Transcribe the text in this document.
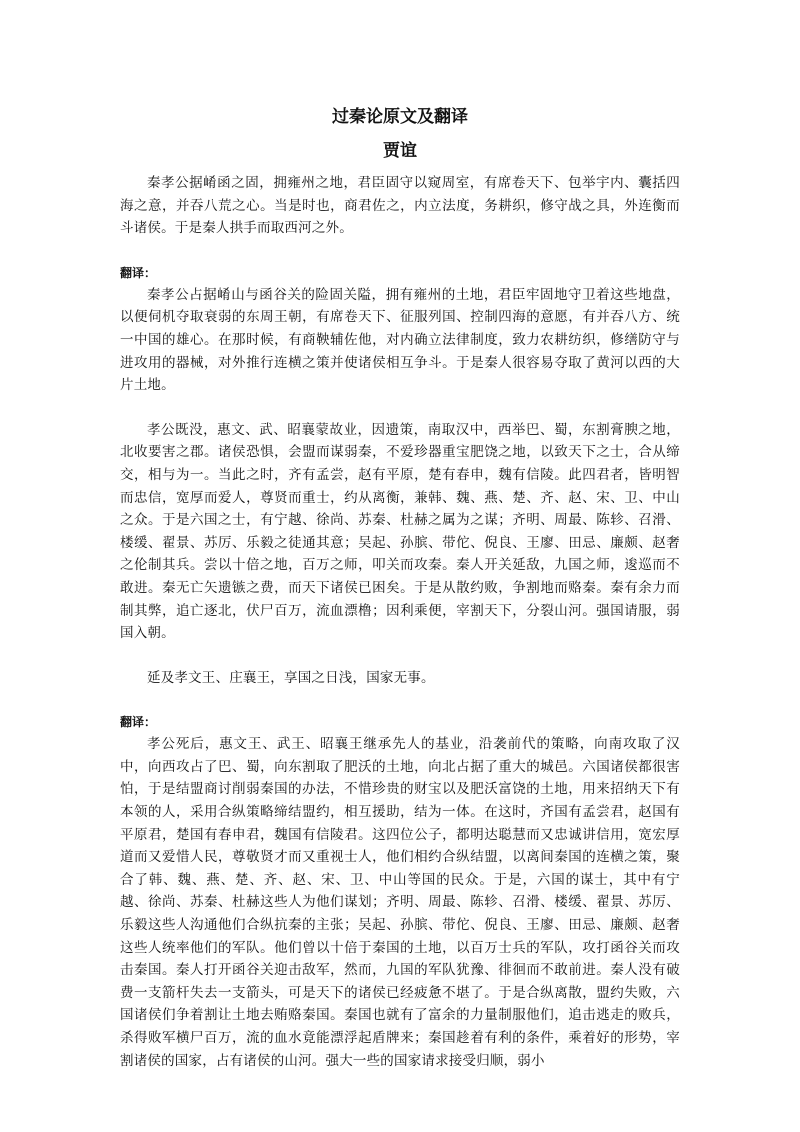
过秦论原文及翻译
贾谊

秦孝公据崤函之固，拥雍州之地，君臣固守以窥周室，有席卷天下、包举宇内、囊括四海之意，并吞八荒之心。当是时也，商君佐之，内立法度，务耕织，修守战之具，外连衡而斗诸侯。于是秦人拱手而取西河之外。

翻译：

秦孝公占据崤山与函谷关的险固关隘，拥有雍州的土地，君臣牢固地守卫着这些地盘，以便伺机夺取衰弱的东周王朝，有席卷天下、征服列国、控制四海的意愿，有并吞八方、统一中国的雄心。在那时候，有商鞅辅佐他，对内确立法律制度，致力农耕纺织，修缮防守与进攻用的器械，对外推行连横之策并使诸侯相互争斗。于是秦人很容易夺取了黄河以西的大片土地。

孝公既没，惠文、武、昭襄蒙故业，因遗策，南取汉中，西举巴、蜀，东割膏腴之地，北收要害之郡。诸侯恐惧，会盟而谋弱秦，不爱珍器重宝肥饶之地，以致天下之士，合从缔交，相与为一。当此之时，齐有孟尝，赵有平原，楚有春申，魏有信陵。此四君者，皆明智而忠信，宽厚而爱人，尊贤而重士，约从离衡，兼韩、魏、燕、楚、齐、赵、宋、卫、中山之众。于是六国之士，有宁越、徐尚、苏秦、杜赫之属为之谋；齐明、周最、陈轸、召滑、楼缓、翟景、苏厉、乐毅之徒通其意；吴起、孙膑、带佗、倪良、王廖、田忌、廉颇、赵奢之伦制其兵。尝以十倍之地，百万之师，叩关而攻秦。秦人开关延敌，九国之师，逡巡而不敢进。秦无亡矢遗镞之费，而天下诸侯已困矣。于是从散约败，争割地而赂秦。秦有余力而制其弊，追亡逐北，伏尸百万，流血漂橹；因利乘便，宰割天下，分裂山河。强国请服，弱国入朝。

延及孝文王、庄襄王，享国之日浅，国家无事。

翻译：

孝公死后，惠文王、武王、昭襄王继承先人的基业，沿袭前代的策略，向南攻取了汉中，向西攻占了巴、蜀，向东割取了肥沃的土地，向北占据了重大的城邑。六国诸侯都很害怕，于是结盟商讨削弱秦国的办法，不惜珍贵的财宝以及肥沃富饶的土地，用来招纳天下有本领的人，采用合纵策略缔结盟约，相互援助，结为一体。在这时，齐国有孟尝君，赵国有平原君，楚国有春申君，魏国有信陵君。这四位公子，都明达聪慧而又忠诚讲信用，宽宏厚道而又爱惜人民，尊敬贤才而又重视士人，他们相约合纵结盟，以离间秦国的连横之策，聚合了韩、魏、燕、楚、齐、赵、宋、卫、中山等国的民众。于是，六国的谋士，其中有宁越、徐尚、苏秦、杜赫这些人为他们谋划；齐明、周最、陈轸、召滑、楼缓、翟景、苏厉、乐毅这些人沟通他们合纵抗秦的主张；吴起、孙膑、带佗、倪良、王廖、田忌、廉颇、赵奢这些人统率他们的军队。他们曾以十倍于秦国的土地，以百万士兵的军队，攻打函谷关而攻击秦国。秦人打开函谷关迎击敌军，然而，九国的军队犹豫、徘徊而不敢前进。秦人没有破费一支箭杆失去一支箭头，可是天下的诸侯已经疲惫不堪了。于是合纵离散，盟约失败，六国诸侯们争着割让土地去贿赂秦国。秦国也就有了富余的力量制服他们，追击逃走的败兵，杀得败军横尸百万，流的血水竟能漂浮起盾牌来；秦国趁着有利的条件，乘着好的形势，宰割诸侯的国家，占有诸侯的山河。强大一些的国家请求接受归顺，弱小
